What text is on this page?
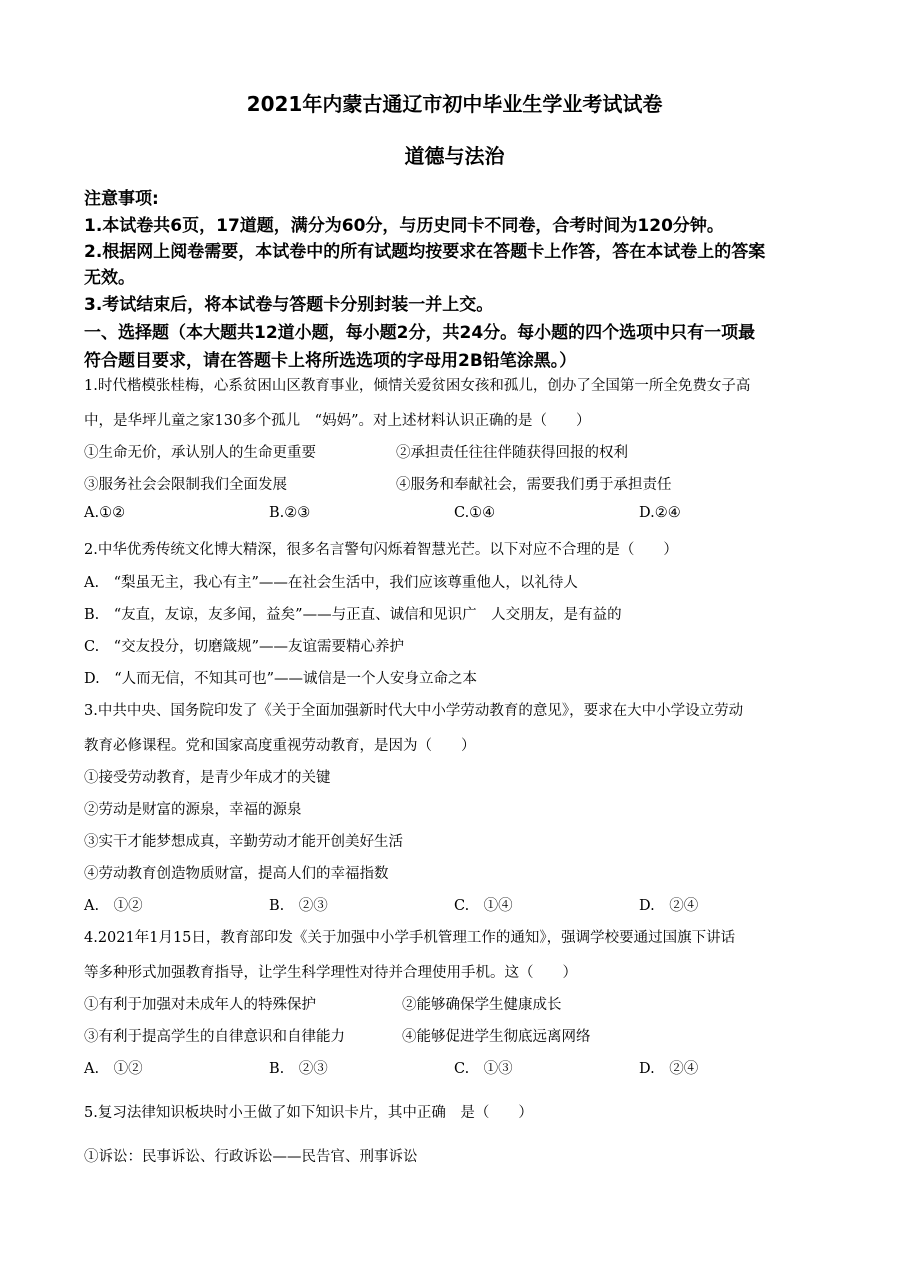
2021年内蒙古通辽市初中毕业生学业考试试卷
道德与法治
注意事项:
1.本试卷共6页，17道题，满分为60分，与历史同卡不同卷，合考时间为120分钟。
2.根据网上阅卷需要，本试卷中的所有试题均按要求在答题卡上作答，答在本试卷上的答案
无效。
3.考试结束后，将本试卷与答题卡分别封装一并上交。
一、选择题（本大题共12道小题，每小题2分，共24分。每小题的四个选项中只有一项最
符合题目要求，请在答题卡上将所选选项的字母用2B铅笔涂黑。）
1.时代楷模张桂梅，心系贫困山区教育事业，倾情关爱贫困女孩和孤儿，创办了全国第一所全免费女子高
中，是华坪儿童之家130多个孤儿　“妈妈”。对上述材料认识正确的是（　　）
①生命无价，承认别人的生命更重要	②承担责任往往伴随获得回报的权利
③服务社会会限制我们全面发展	④服务和奉献社会，需要我们勇于承担责任
A.①②	B.②③	C.①④	D.②④
2.中华优秀传统文化博大精深，很多名言警句闪烁着智慧光芒。以下对应不合理的是（　　）
A.　“梨虽无主，我心有主”——在社会生活中，我们应该尊重他人，以礼待人
B.　“友直，友谅，友多闻，益矣”——与正直、诚信和见识广　人交朋友，是有益的
C.　“交友投分，切磨箴规”——友谊需要精心养护
D.　“人而无信，不知其可也”——诚信是一个人安身立命之本
3.中共中央、国务院印发了《关于全面加强新时代大中小学劳动教育的意见》，要求在大中小学设立劳动
教育必修课程。党和国家高度重视劳动教育，是因为（　　）
①接受劳动教育，是青少年成才的关键
②劳动是财富的源泉，幸福的源泉
③实干才能梦想成真，辛勤劳动才能开创美好生活
④劳动教育创造物质财富，提高人们的幸福指数
A.　①②	B.　②③	C.　①④	D.　②④
4.2021年1月15日，教育部印发《关于加强中小学手机管理工作的通知》，强调学校要通过国旗下讲话
等多种形式加强教育指导，让学生科学理性对待并合理使用手机。这（　　）
①有利于加强对未成年人的特殊保护	②能够确保学生健康成长
③有利于提高学生的自律意识和自律能力	④能够促进学生彻底远离网络
A.　①②	B.　②③	C.　①③	D.　②④
5.复习法律知识板块时小王做了如下知识卡片，其中正确　是（　　）
①诉讼：民事诉讼、行政诉讼——民告官、刑事诉讼
